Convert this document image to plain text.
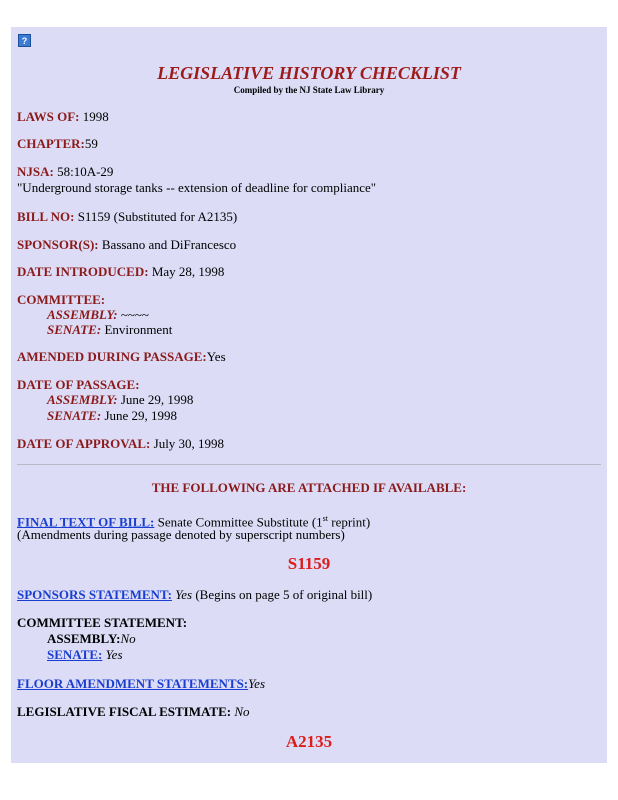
?
LEGISLATIVE HISTORY CHECKLIST
Compiled by the NJ State Law Library
LAWS OF: 1998
CHAPTER:59
NJSA: 58:10A-29
"Underground storage tanks -- extension of deadline for compliance"
BILL NO: S1159 (Substituted for A2135)
SPONSOR(S): Bassano and DiFrancesco
DATE INTRODUCED: May 28, 1998
COMMITTEE:
ASSEMBLY: ~~~~
SENATE: Environment
AMENDED DURING PASSAGE:Yes
DATE OF PASSAGE:
ASSEMBLY: June 29, 1998
SENATE: June 29, 1998
DATE OF APPROVAL: July 30, 1998
THE FOLLOWING ARE ATTACHED IF AVAILABLE:
FINAL TEXT OF BILL: Senate Committee Substitute (1st reprint)
(Amendments during passage denoted by superscript numbers)
S1159
SPONSORS STATEMENT: Yes (Begins on page 5 of original bill)
COMMITTEE STATEMENT:
ASSEMBLY:No
SENATE: Yes
FLOOR AMENDMENT STATEMENTS:Yes
LEGISLATIVE FISCAL ESTIMATE: No
A2135
